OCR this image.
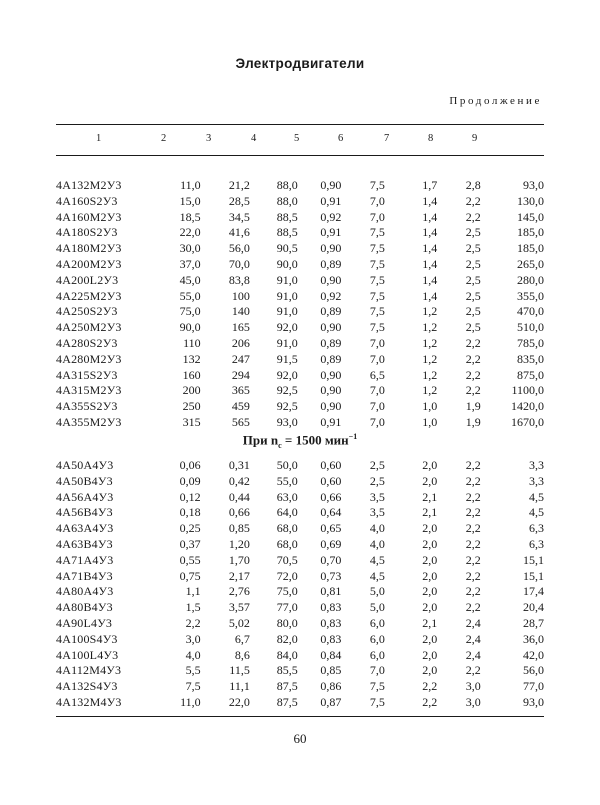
Электродвигатели
Продолжение
1	2	3	4	5	6	7	8	9
4A132M2У3	11,0	21,2	88,0	0,90	7,5	1,7	2,8	93,0
4A160S2У3	15,0	28,5	88,0	0,91	7,0	1,4	2,2	130,0
4A160M2У3	18,5	34,5	88,5	0,92	7,0	1,4	2,2	145,0
4A180S2У3	22,0	41,6	88,5	0,91	7,5	1,4	2,5	185,0
4A180M2У3	30,0	56,0	90,5	0,90	7,5	1,4	2,5	185,0
4A200M2У3	37,0	70,0	90,0	0,89	7,5	1,4	2,5	265,0
4A200L2У3	45,0	83,8	91,0	0,90	7,5	1,4	2,5	280,0
4A225M2У3	55,0	100	91,0	0,92	7,5	1,4	2,5	355,0
4A250S2У3	75,0	140	91,0	0,89	7,5	1,2	2,5	470,0
4A250M2У3	90,0	165	92,0	0,90	7,5	1,2	2,5	510,0
4A280S2У3	110	206	91,0	0,89	7,0	1,2	2,2	785,0
4A280M2У3	132	247	91,5	0,89	7,0	1,2	2,2	835,0
4A315S2У3	160	294	92,0	0,90	6,5	1,2	2,2	875,0
4A315M2У3	200	365	92,5	0,90	7,0	1,2	2,2	1100,0
4A355S2У3	250	459	92,5	0,90	7,0	1,0	1,9	1420,0
4A355M2У3	315	565	93,0	0,91	7,0	1,0	1,9	1670,0
При $n_с = 1500$ мин$^{-1}$
4A50A4У3	0,06	0,31	50,0	0,60	2,5	2,0	2,2	3,3
4A50B4У3	0,09	0,42	55,0	0,60	2,5	2,0	2,2	3,3
4A56A4У3	0,12	0,44	63,0	0,66	3,5	2,1	2,2	4,5
4A56B4У3	0,18	0,66	64,0	0,64	3,5	2,1	2,2	4,5
4A63A4У3	0,25	0,85	68,0	0,65	4,0	2,0	2,2	6,3
4A63B4У3	0,37	1,20	68,0	0,69	4,0	2,0	2,2	6,3
4A71A4У3	0,55	1,70	70,5	0,70	4,5	2,0	2,2	15,1
4A71B4У3	0,75	2,17	72,0	0,73	4,5	2,0	2,2	15,1
4A80A4У3	1,1	2,76	75,0	0,81	5,0	2,0	2,2	17,4
4A80B4У3	1,5	3,57	77,0	0,83	5,0	2,0	2,2	20,4
4A90L4У3	2,2	5,02	80,0	0,83	6,0	2,1	2,4	28,7
4A100S4У3	3,0	6,7	82,0	0,83	6,0	2,0	2,4	36,0
4A100L4У3	4,0	8,6	84,0	0,84	6,0	2,0	2,4	42,0
4A112M4У3	5,5	11,5	85,5	0,85	7,0	2,0	2,2	56,0
4A132S4У3	7,5	11,1	87,5	0,86	7,5	2,2	3,0	77,0
4A132M4У3	11,0	22,0	87,5	0,87	7,5	2,2	3,0	93,0
60
